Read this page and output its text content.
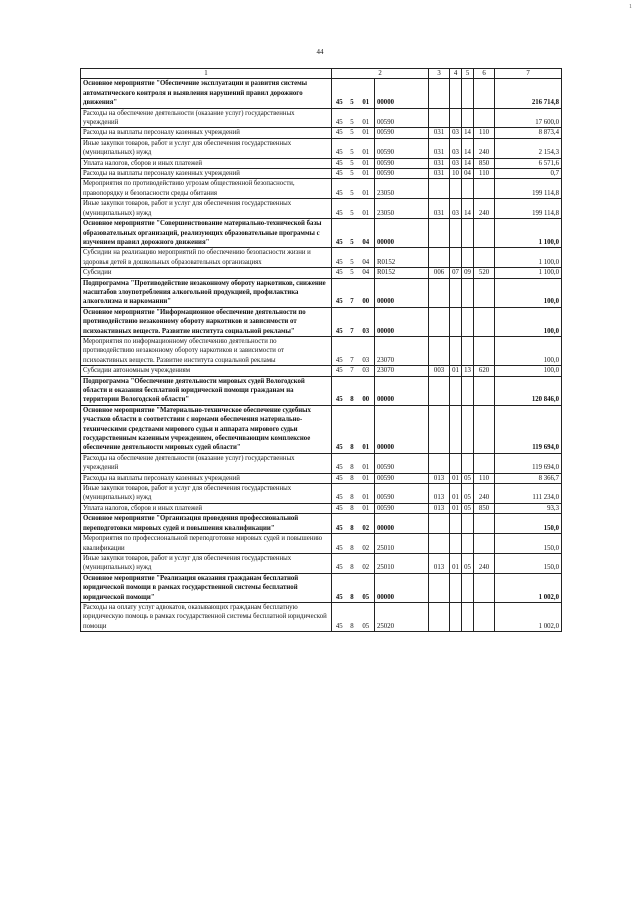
1
44
1	2				3	4	5	6	7
Основное мероприятие "Обеспечение эксплуатации и развития системы автоматического контроля и выявления нарушений правил дорожного движения"	45	5	01	00000					216 714,8
Расходы на обеспечение деятельности (оказание услуг) государственных учреждений	45	5	01	00590					17 600,0
Расходы на выплаты персоналу казенных учреждений	45	5	01	00590	031	03	14	110	8 873,4
Иные закупки товаров, работ и услуг для обеспечения государственных (муниципальных) нужд	45	5	01	00590	031	03	14	240	2 154,3
Уплата налогов, сборов и иных платежей	45	5	01	00590	031	03	14	850	6 571,6
Расходы на выплаты персоналу казенных учреждений	45	5	01	00590	031	10	04	110	0,7
Мероприятия по противодействию угрозам общественной безопасности, правопорядку и безопасности среды обитания	45	5	01	23050					199 114,8
Иные закупки товаров, работ и услуг для обеспечения государственных (муниципальных) нужд	45	5	01	23050	031	03	14	240	199 114,8
Основное мероприятие "Совершенствование материально-технической базы образовательных организаций, реализующих образовательные программы с изучением правил дорожного движения"	45	5	04	00000					1 100,0
Субсидии на реализацию мероприятий по обеспечению безопасности жизни и здоровья детей в дошкольных образовательных организациях	45	5	04	R0152					1 100,0
Субсидии	45	5	04	R0152	006	07	09	520	1 100,0
Подпрограмма "Противодействие незаконному обороту наркотиков, снижение масштабов злоупотребления алкогольной продукцией, профилактика алкоголизма и наркомании"	45	7	00	00000					100,0
Основное мероприятие "Информационное обеспечение деятельности по противодействию незаконному обороту наркотиков и зависимости от психоактивных веществ. Развитие института социальной рекламы"	45	7	03	00000					100,0
Мероприятия по информационному обеспечению деятельности по противодействию незаконному обороту наркотиков и зависимости от психоактивных веществ. Развитие института социальной рекламы	45	7	03	23070					100,0
Субсидии автономным учреждениям	45	7	03	23070	003	01	13	620	100,0
Подпрограмма "Обеспечение деятельности мировых судей Вологодской области и оказания бесплатной юридической помощи гражданам на территории Вологодской области"	45	8	00	00000					120 846,0
Основное мероприятие "Материально-техническое обеспечение судебных участков области в соответствии с нормами обеспечения материально-техническими средствами мирового судьи и аппарата мирового судьи государственным казенным учреждением, обеспечивающим комплексное обеспечение деятельности мировых судей области"	45	8	01	00000					119 694,0
Расходы на обеспечение деятельности (оказание услуг) государственных учреждений	45	8	01	00590					119 694,0
Расходы на выплаты персоналу казенных учреждений	45	8	01	00590	013	01	05	110	8 366,7
Иные закупки товаров, работ и услуг для обеспечения государственных (муниципальных) нужд	45	8	01	00590	013	01	05	240	111 234,0
Уплата налогов, сборов и иных платежей	45	8	01	00590	013	01	05	850	93,3
Основное мероприятие "Организация проведения профессиональной переподготовки мировых судей и повышения квалификации"	45	8	02	00000					150,0
Мероприятия по профессиональной переподготовке мировых судей и повышению квалификации	45	8	02	25010					150,0
Иные закупки товаров, работ и услуг для обеспечения государственных (муниципальных) нужд	45	8	02	25010	013	01	05	240	150,0
Основное мероприятие "Реализация оказания гражданам бесплатной юридической помощи в рамках государственной системы бесплатной юридической помощи"	45	8	05	00000					1 002,0
Расходы на оплату услуг адвокатов, оказывающих гражданам бесплатную юридическую помощь в рамках государственной системы бесплатной юридической помощи	45	8	05	25020					1 002,0
